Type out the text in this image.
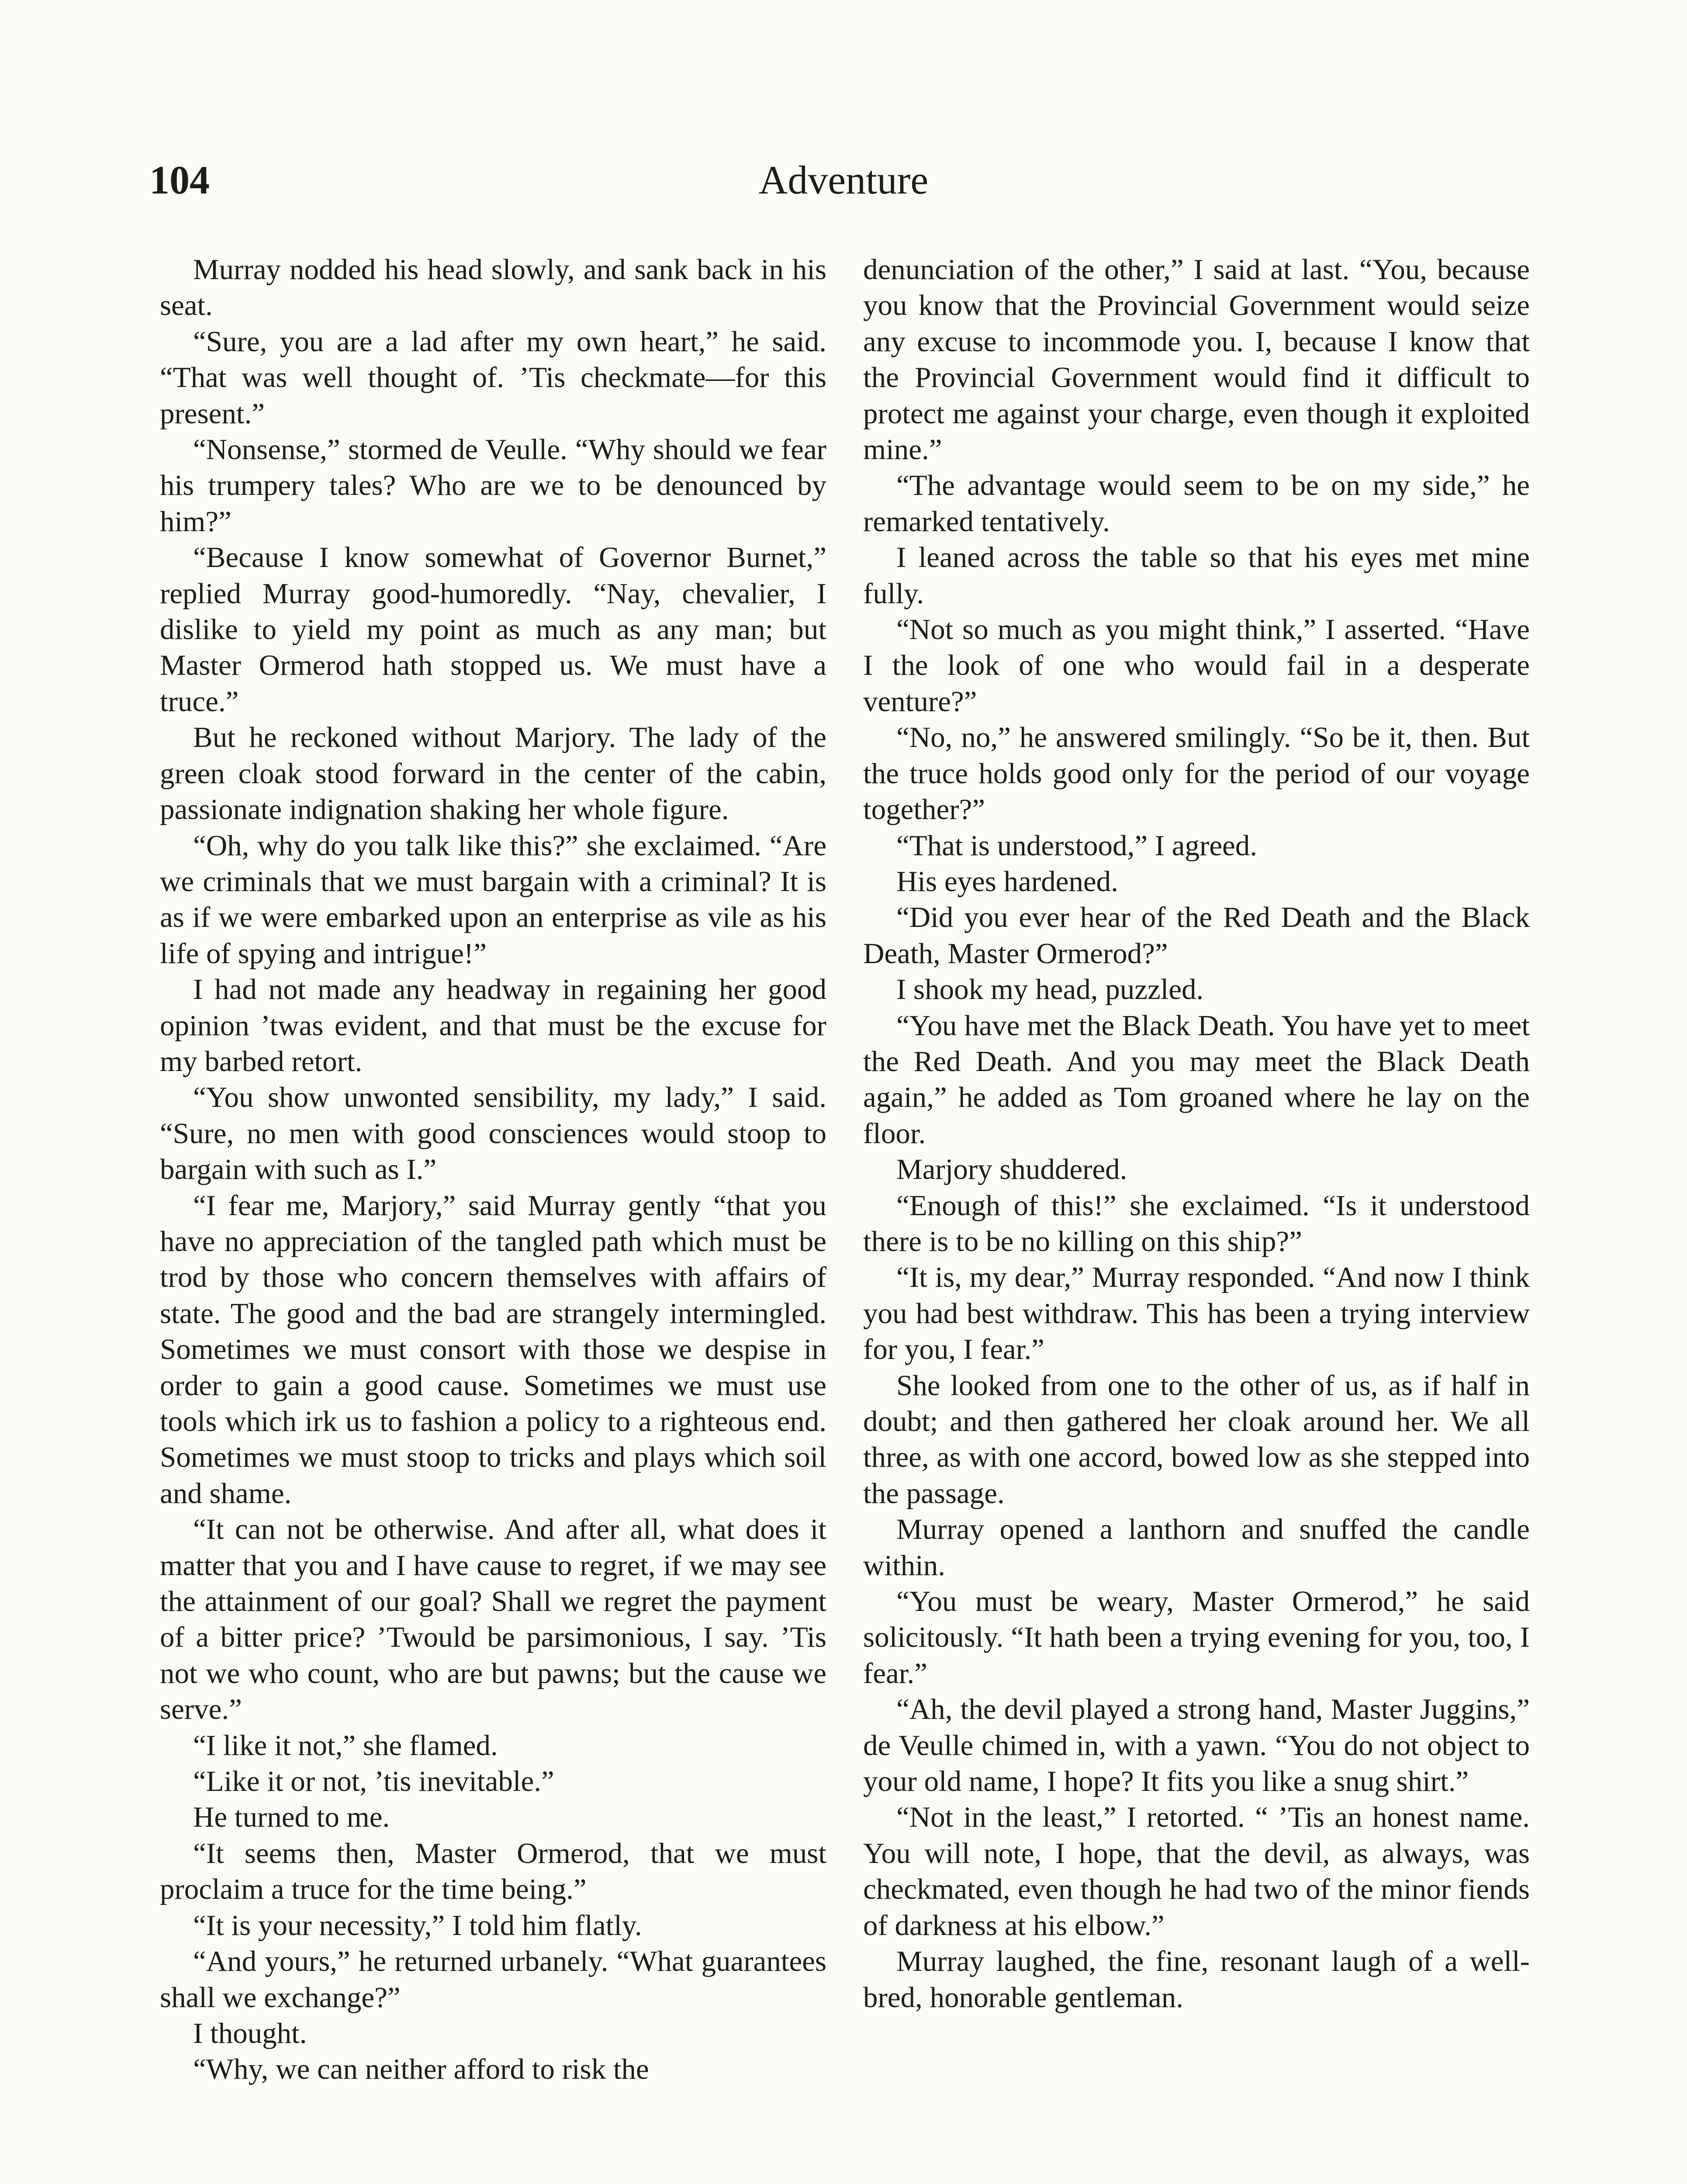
104	Adventure

Murray nodded his head slowly, and sank back in his seat.

“Sure, you are a lad after my own heart,” he said. “That was well thought of. ’Tis checkmate—for this present.”

“Nonsense,” stormed de Veulle. “Why should we fear his trumpery tales? Who are we to be denounced by him?”

“Because I know somewhat of Governor Burnet,” replied Murray good-humoredly. “Nay, chevalier, I dislike to yield my point as much as any man; but Master Ormerod hath stopped us. We must have a truce.”

But he reckoned without Marjory. The lady of the green cloak stood forward in the center of the cabin, passionate indignation shaking her whole figure.

“Oh, why do you talk like this?” she exclaimed. “Are we criminals that we must bargain with a criminal? It is as if we were embarked upon an enterprise as vile as his life of spying and intrigue!”

I had not made any headway in regaining her good opinion ’twas evident, and that must be the excuse for my barbed retort.

“You show unwonted sensibility, my lady,” I said. “Sure, no men with good consciences would stoop to bargain with such as I.”

“I fear me, Marjory,” said Murray gently “that you have no appreciation of the tangled path which must be trod by those who concern themselves with affairs of state. The good and the bad are strangely intermingled. Sometimes we must consort with those we despise in order to gain a good cause. Sometimes we must use tools which irk us to fashion a policy to a righteous end. Sometimes we must stoop to tricks and plays which soil and shame.

“It can not be otherwise. And after all, what does it matter that you and I have cause to regret, if we may see the attainment of our goal? Shall we regret the payment of a bitter price? ’Twould be parsimonious, I say. ’Tis not we who count, who are but pawns; but the cause we serve.”

“I like it not,” she flamed.

“Like it or not, ’tis inevitable.”

He turned to me.

“It seems then, Master Ormerod, that we must proclaim a truce for the time being.”

“It is your necessity,” I told him flatly.

“And yours,” he returned urbanely. “What guarantees shall we exchange?”

I thought.

“Why, we can neither afford to risk the

denunciation of the other,” I said at last. “You, because you know that the Provincial Government would seize any excuse to incommode you. I, because I know that the Provincial Government would find it difficult to protect me against your charge, even though it exploited mine.”

“The advantage would seem to be on my side,” he remarked tentatively.

I leaned across the table so that his eyes met mine fully.

“Not so much as you might think,” I asserted. “Have I the look of one who would fail in a desperate venture?”

“No, no,” he answered smilingly. “So be it, then. But the truce holds good only for the period of our voyage together?”

“That is understood,” I agreed.

His eyes hardened.

“Did you ever hear of the Red Death and the Black Death, Master Ormerod?”

I shook my head, puzzled.

“You have met the Black Death. You have yet to meet the Red Death. And you may meet the Black Death again,” he added as Tom groaned where he lay on the floor.

Marjory shuddered.

“Enough of this!” she exclaimed. “Is it understood there is to be no killing on this ship?”

“It is, my dear,” Murray responded. “And now I think you had best withdraw. This has been a trying interview for you, I fear.”

She looked from one to the other of us, as if half in doubt; and then gathered her cloak around her. We all three, as with one accord, bowed low as she stepped into the passage.

Murray opened a lanthorn and snuffed the candle within.

“You must be weary, Master Ormerod,” he said solicitously. “It hath been a trying evening for you, too, I fear.”

“Ah, the devil played a strong hand, Master Juggins,” de Veulle chimed in, with a yawn. “You do not object to your old name, I hope? It fits you like a snug shirt.”

“Not in the least,” I retorted. “ ’Tis an honest name. You will note, I hope, that the devil, as always, was checkmated, even though he had two of the minor fiends of darkness at his elbow.”

Murray laughed, the fine, resonant laugh of a well-bred, honorable gentleman.
